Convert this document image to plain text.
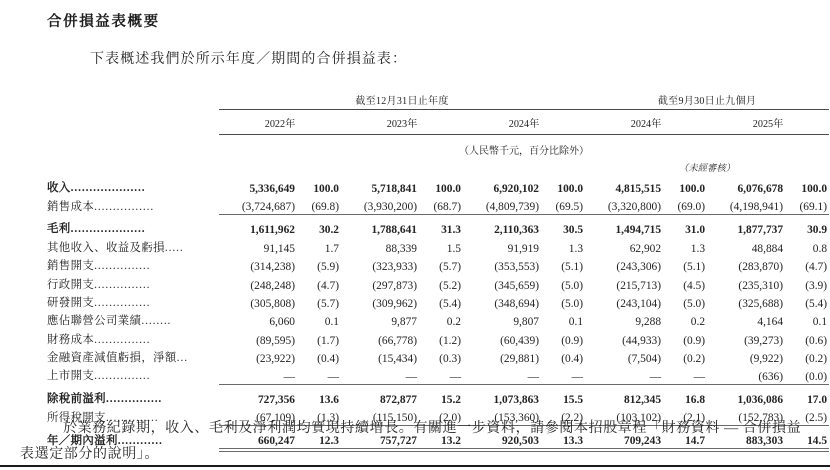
合併損益表概要
下表概述我們於所示年度／期間的合併損益表：
	截至12月31日止年度						截至9月30日止九個月			

	2022年		2023年		2024年		2024年		2025年	

	（人民幣千元，百分比除外）									
							（未經審核）			
收入....................	5,336,649	100.0	5,718,841	100.0	6,920,102	100.0	4,815,515	100.0	6,076,678	100.0
銷售成本................	(3,724,687)	(69.8)	(3,930,200)	(68.7)	(4,809,739)	(69.5)	(3,320,800)	(69.0)	(4,198,941)	(69.1)

毛利....................	1,611,962	30.2	1,788,641	31.3	2,110,363	30.5	1,494,715	31.0	1,877,737	30.9
其他收入、收益及虧損.....	91,145	1.7	88,339	1.5	91,919	1.3	62,902	1.3	48,884	0.8
銷售開支...............	(314,238)	(5.9)	(323,933)	(5.7)	(353,553)	(5.1)	(243,306)	(5.1)	(283,870)	(4.7)
行政開支...............	(248,248)	(4.7)	(297,873)	(5.2)	(345,659)	(5.0)	(215,713)	(4.5)	(235,310)	(3.9)
研發開支...............	(305,808)	(5.7)	(309,962)	(5.4)	(348,694)	(5.0)	(243,104)	(5.0)	(325,688)	(5.4)
應佔聯營公司業績........	6,060	0.1	9,877	0.2	9,807	0.1	9,288	0.2	4,164	0.1
財務成本...............	(89,595)	(1.7)	(66,778)	(1.2)	(60,439)	(0.9)	(44,933)	(0.9)	(39,273)	(0.6)
金融資產減值虧損，淨額...	(23,922)	(0.4)	(15,434)	(0.3)	(29,881)	(0.4)	(7,504)	(0.2)	(9,922)	(0.2)
上市開支...............	—	—	—	—	—	—	—	—	(636)	(0.0)

除稅前溢利...............	727,356	13.6	872,877	15.2	1,073,863	15.5	812,345	16.8	1,036,086	17.0
所得稅開支..............	(67,109)	(1.3)	(115,150)	(2.0)	(153,360)	(2.2)	(103,102)	(2.1)	(152,783)	(2.5)

年／期內溢利............	660,247	12.3	757,727	13.2	920,503	13.3	709,243	14.7	883,303	14.5

於業務紀錄期，收入、毛利及淨利潤均實現持續增長。有關進一步資料，請參閱本招股章程「財務資料 — 合併損益表選定部分的說明」。
